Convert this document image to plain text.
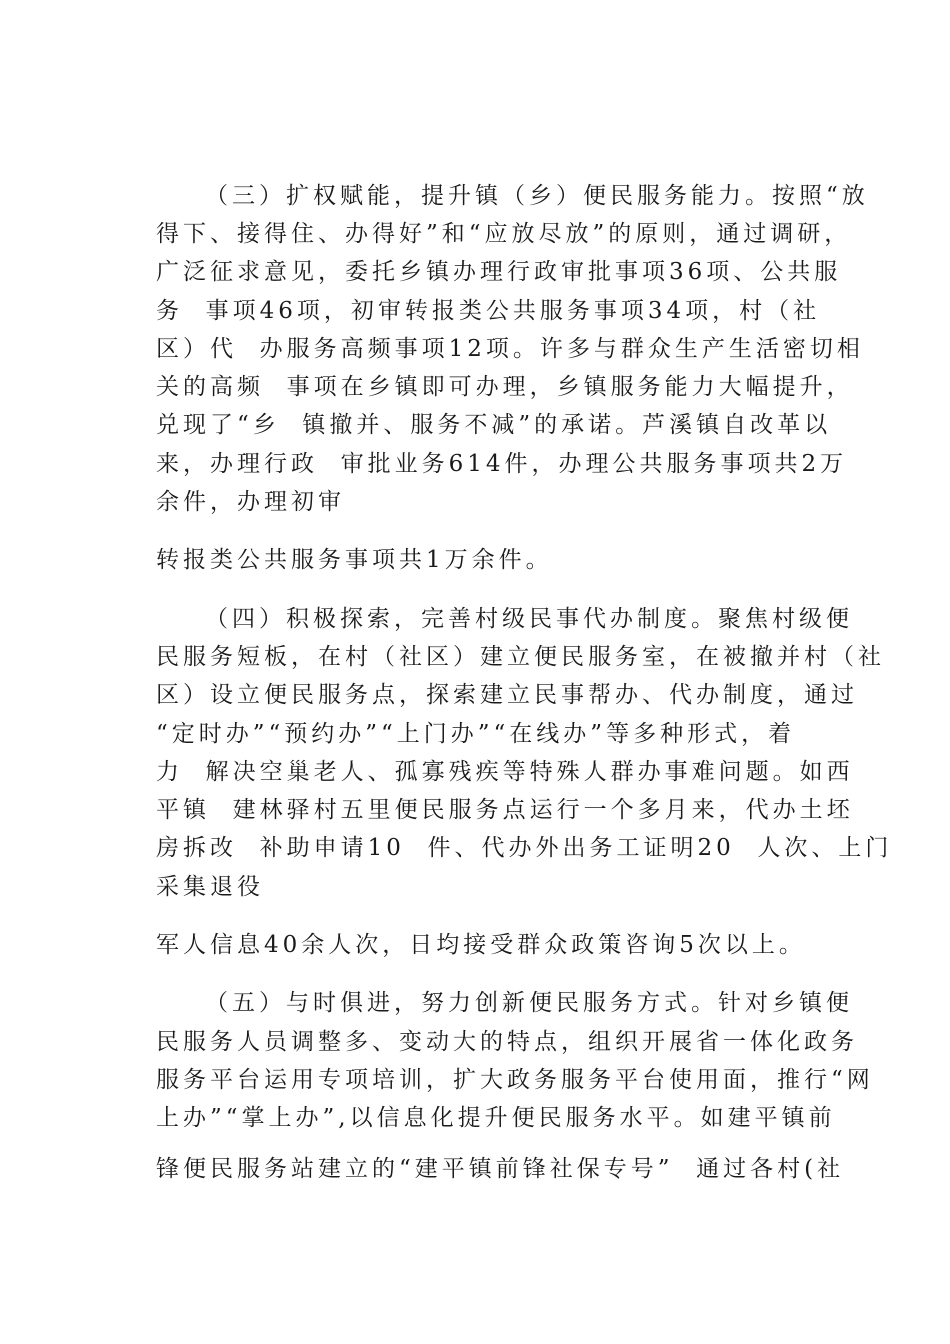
（三）扩权赋能，提升镇（乡）便民服务能力。按照“放
得下、接得住、办得好”和“应放尽放”的原则，通过调研，
广泛征求意见，委托乡镇办理行政审批事项36项、公共服
务  事项46项，初审转报类公共服务事项34项，村（社
区）代  办服务高频事项12项。许多与群众生产生活密切相
关的高频  事项在乡镇即可办理，乡镇服务能力大幅提升，
兑现了“乡  镇撤并、服务不减”的承诺。芦溪镇自改革以
来，办理行政  审批业务614件，办理公共服务事项共2万
余件，办理初审
转报类公共服务事项共1万余件。
（四）积极探索，完善村级民事代办制度。聚焦村级便
民服务短板，在村（社区）建立便民服务室，在被撤并村（社
区）设立便民服务点，探索建立民事帮办、代办制度，通过
“定时办”“预约办”“上门办”“在线办”等多种形式，着
力  解决空巢老人、孤寡残疾等特殊人群办事难问题。如西
平镇  建林驿村五里便民服务点运行一个多月来，代办土坯
房拆改  补助申请10  件、代办外出务工证明20  人次、上门
采集退役
军人信息40余人次，日均接受群众政策咨询5次以上。
（五）与时俱进，努力创新便民服务方式。针对乡镇便
民服务人员调整多、变动大的特点，组织开展省一体化政务
服务平台运用专项培训，扩大政务服务平台使用面，推行“网
上办”“掌上办”,以信息化提升便民服务水平。如建平镇前
锋便民服务站建立的“建平镇前锋社保专号”  通过各村(社
